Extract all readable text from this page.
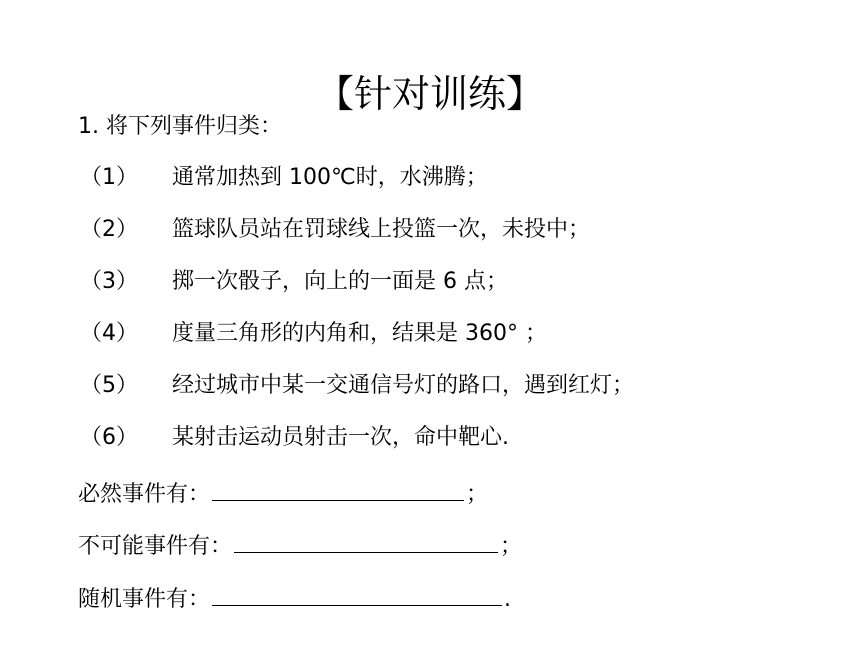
【针对训练】
1. 将下列事件归类：
（1） 通常加热到 100℃时，水沸腾；
（2） 篮球队员站在罚球线上投篮一次，未投中；
（3） 掷一次骰子，向上的一面是 6 点；
（4） 度量三角形的内角和，结果是 360° ；
（5） 经过城市中某一交通信号灯的路口，遇到红灯；
（6） 某射击运动员射击一次，命中靶心.
必然事件有：	；
不可能事件有：	；
随机事件有：	.
